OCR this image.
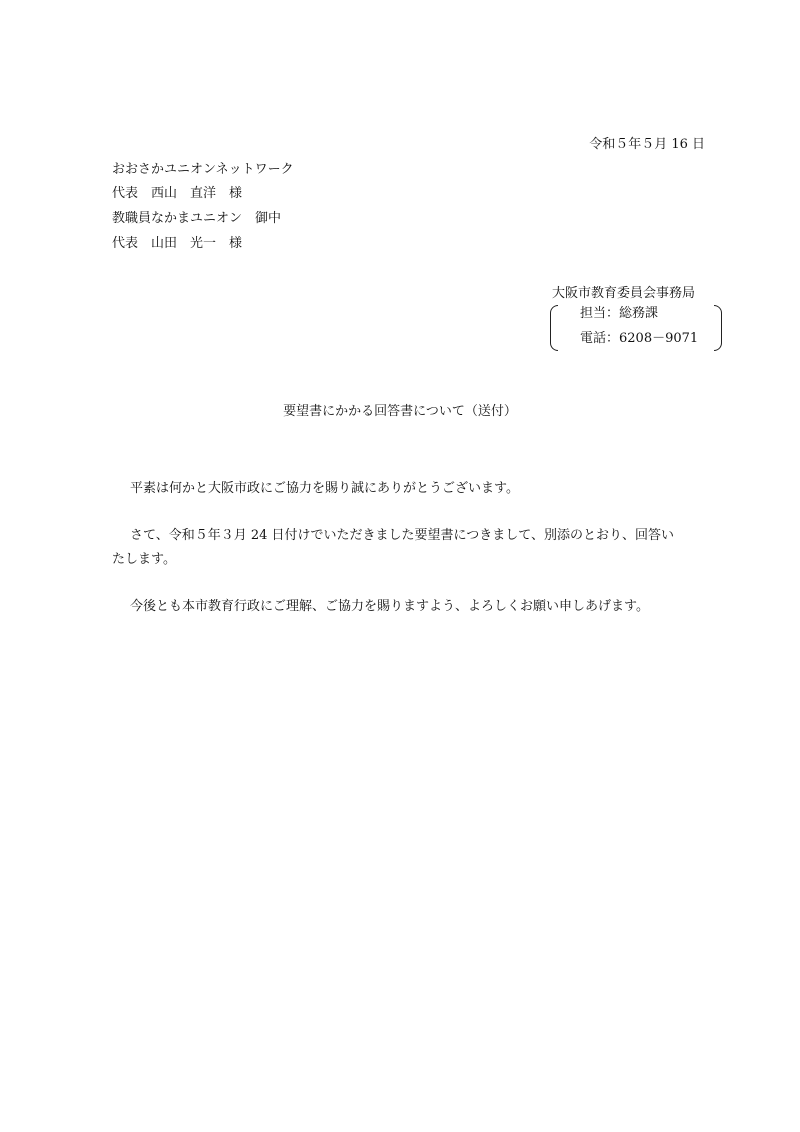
令和５年５月 16 日
おおさかユニオンネットワーク
代表　西山　直洋　様
教職員なかまユニオン　御中
代表　山田　光一　様
大阪市教育委員会事務局
担当：総務課
電話：6208－9071
要望書にかかる回答書について（送付）
平素は何かと大阪市政にご協力を賜り誠にありがとうございます。
さて、令和５年３月 24 日付けでいただきました要望書につきまして、別添のとおり、回答い
たします。
今後とも本市教育行政にご理解、ご協力を賜りますよう、よろしくお願い申しあげます。
